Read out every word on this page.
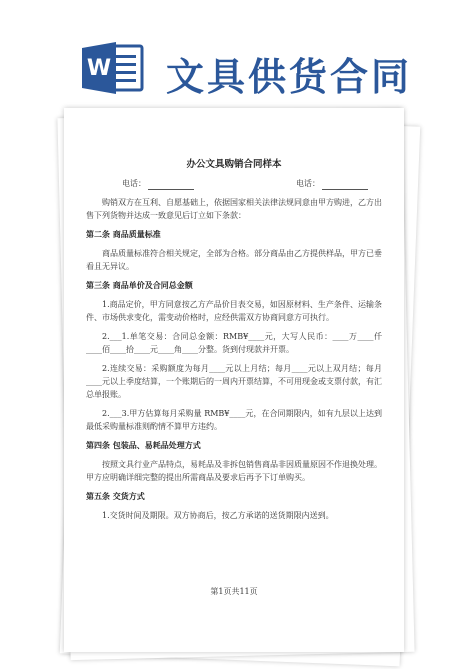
W 文具供货合同
办公文具购销合同样本
电话：	电话：

购销双方在互利、自愿基础上，依据国家相关法律法规同意由甲方购进，乙方出售下列货物并达成一致意见后订立如下条款：

第二条 商品质量标准

商品质量标准符合相关规定，全部为合格。部分商品由乙方提供样品，甲方已垂看且无异议。

第三条 商品单价及合同总金额

1.商品定价，甲方同意按乙方产品价目表交易，如因原材料、生产条件、运输条件、市场供求变化，需变动价格时，应经供需双方协商同意方可执行。

2.___1.单笔交易：合同总金额：RMB¥____元，大写人民币：____万____仟____佰____拾____元____角____分整。货到付现款并开票。

2.连续交易：采购额度为每月____元以上月结；每月____元以上双月结；每月____元以上季度结算，一个账期后的一周内开票结算，不可用现金或支票付款，有汇总单报账。

2.___3.甲方估算每月采购量 RMB¥____元，在合同期限内，如有九层以上达到最低采购量标准则酌情不算甲方违约。

第四条 包装品、易耗品处理方式

按照文具行业产品特点，易耗品及非拆包销售商品非因质量原因不作退换处理。甲方应明确详细完整的提出所需商品及要求后再予下订单购买。

第五条 交货方式

1.交货时间及期限。双方协商后，按乙方承诺的送货期限内送到。

第1页共11页
